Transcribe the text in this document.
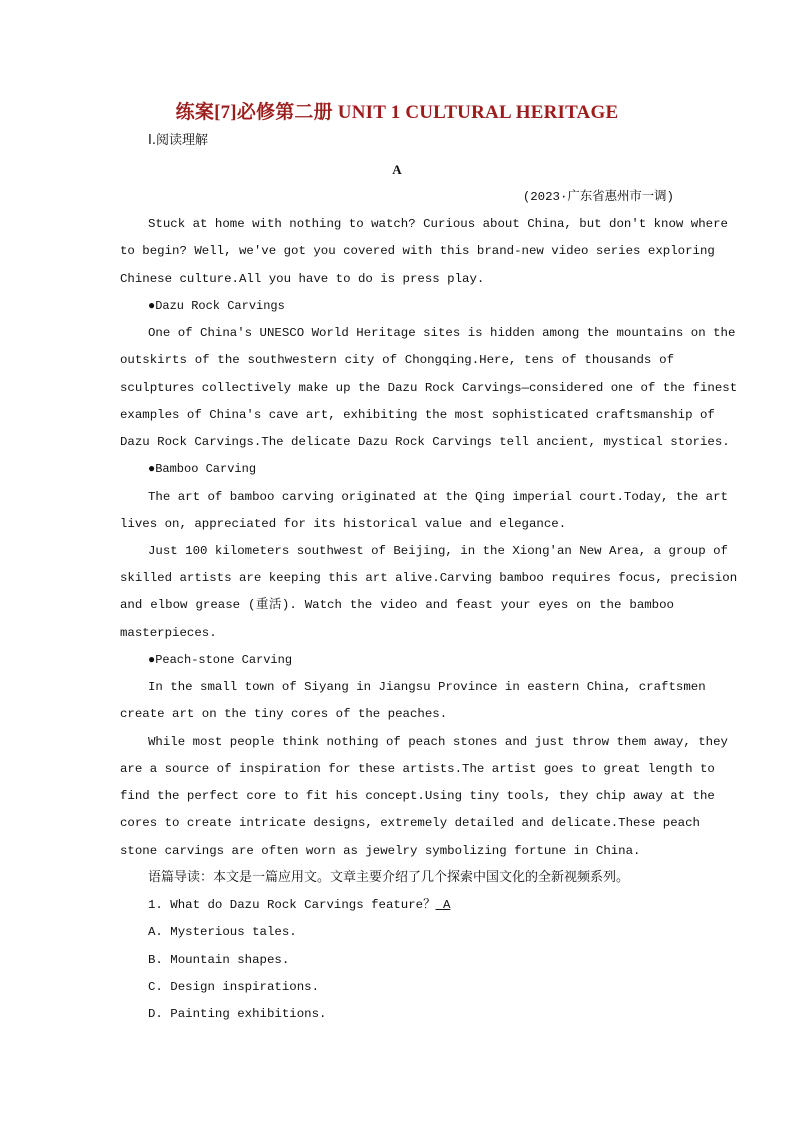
练案[7]必修第二册 UNIT 1 CULTURAL HERITAGE
Ⅰ.阅读理解
A
(2023·广东省惠州市一调)
Stuck at home with nothing to watch? Curious about China, but don't know where
to begin? Well, we've got you covered with this brand-new video series exploring
Chinese culture.All you have to do is press play.
●Dazu Rock Carvings
One of China's UNESCO World Heritage sites is hidden among the mountains on the
outskirts of the southwestern city of Chongqing.Here, tens of thousands of
sculptures collectively make up the Dazu Rock Carvings—considered one of the finest
examples of China's cave art, exhibiting the most sophisticated craftsmanship of
Dazu Rock Carvings.The delicate Dazu Rock Carvings tell ancient, mystical stories.
●Bamboo Carving
The art of bamboo carving originated at the Qing imperial court.Today, the art
lives on, appreciated for its historical value and elegance.
Just 100 kilometers southwest of Beijing, in the Xiong'an New Area, a group of
skilled artists are keeping this art alive.Carving bamboo requires focus, precision
and elbow grease (重活). Watch the video and feast your eyes on the bamboo
masterpieces.
●Peach-stone Carving
In the small town of Siyang in Jiangsu Province in eastern China, craftsmen
create art on the tiny cores of the peaches.
While most people think nothing of peach stones and just throw them away, they
are a source of inspiration for these artists.The artist goes to great length to
find the perfect core to fit his concept.Using tiny tools, they chip away at the
cores to create intricate designs, extremely detailed and delicate.These peach
stone carvings are often worn as jewelry symbolizing fortune in China.
语篇导读：本文是一篇应用文。文章主要介绍了几个探索中国文化的全新视频系列。
1. What do Dazu Rock Carvings feature？ A
A. Mysterious tales.
B. Mountain shapes.
C. Design inspirations.
D. Painting exhibitions.
